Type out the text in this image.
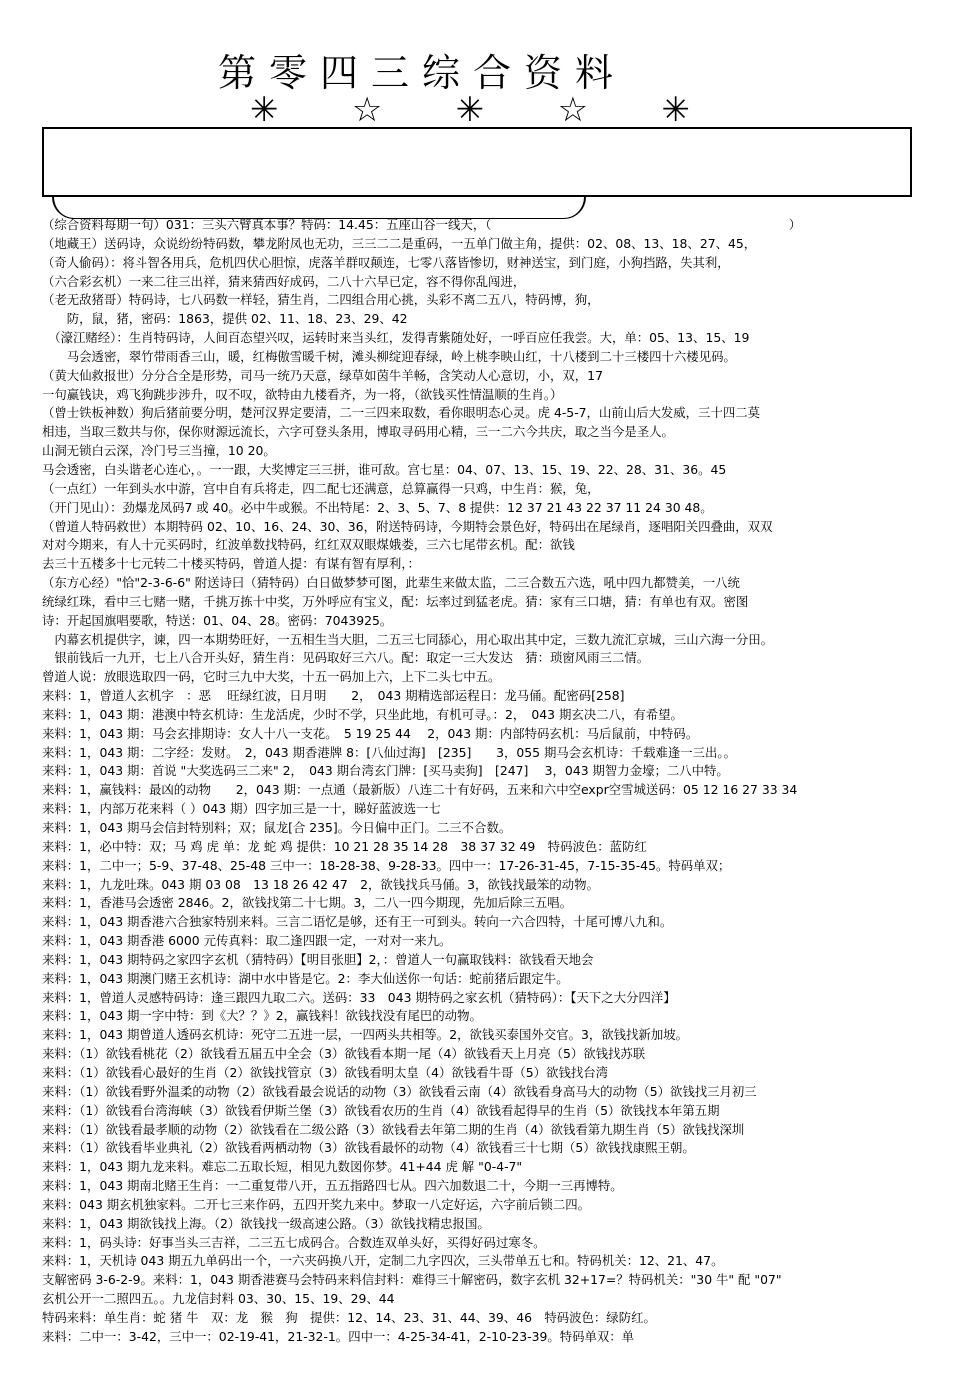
第零四三综合资料
✳ ☆ ✳ ☆ ✳
（综合资料每期一句）031：三头六臂真本事？特码：14.45：五座山谷一线天，（　　　　　　　　　　　　　　　　　　　　　　　　）
（地藏王）送码诗，众说纷纷特码数，攀龙附凤也无功，三三二二是重码，一五单门做主角，提供：02、08、13、18、27、45，
（奇人偷码）：将斗智各用兵，危机四伏心胆惊，虎落羊群叹颠连，七零八落皆惨切，财神送宝，到门庭，小狗挡路，失其利，
（六合彩玄机）一来二往三出祥，猜来猜西好成码，二八十六早已定，容不得你乱闯进，
（老无敌猪哥）特码诗，七八码数一样轻，猜生肖，二四组合用心挑，头彩不离二五八，特码博，狗，
　　防，鼠，猪，密码：1863，提供 02、11、18、23、29、42
　（濠江赌经）：生肖特码诗，人间百态望兴叹，运转时来当头红，发得青紫随处好，一呼百应任我尝。大，单：05、13、15、19
　　马会透密，翠竹带雨香三山，暖，红梅傲雪暖千树，滩头柳绽迎春绿，岭上桃李映山红，十八楼到二十三楼四十六楼见码。
（黄大仙救报世）分分合全是形势，司马一统乃天意，绿草如茵牛羊畅，含笑动人心意切，小，双，17
一句赢钱诀，鸡飞狗跳步涉升，叹不叹，欲特由九楼看齐，为一将，（欲钱买性情温顺的生肖。）
（曾士铁板神数）狗后猪前要分明，楚河汉界定要清，二一三四来取数，看你眼明态心灵。虎 4-5-7，山前山后大发威，三十四二莫
相违，当取三数共与你，保你财源远流长，六字可登头条用，博取寻码用心精，三一二六今共庆，取之当今是圣人。
山洞无锁白云深，冷门号三当撞，10 20。
马会透密，白头谐老心连心，。一一跟，大奖博定三三拼，谁可敌。宫七星：04、07、13、15、19、22、28、31、36。45
（一点红）一年到头水中游，宫中自有兵将走，四二配七还满意，总算赢得一只鸡，中生肖：猴，兔，
（开门见山）：劲爆龙凤码7 或 40。必中牛或猴。不出特尾：2、3、5、7、8 提供：12 37 21 43 22 37 11 24 30 48。
（曾道人特码救世）本期特码 02、10、16、24、30、36，附送特码诗，今期特会景色好，特码出在尾绿肖，逐唱阳关四叠曲，双双
对对今期来，有人十元买码时，红波单数找特码，红红双双眼煤娥娄，三六七尾带玄机。配：欲钱
去三十五楼多十七元转二十楼买特码，曾道人提：有谋有智有厚利，：
（东方心经）"恰"2-3-6-6" 附送诗曰（猜特码）白日做梦梦可图，此辈生来做太监，二三合数五六选，吼中四九都赞美，一八统
统绿红珠，看中三七赌一赌，千挑万拣十中奖，万外呼应有宝义，配：坛率过到猛老虎。猜：家有三口塘，猜：有单也有双。密图
诗：开起国旗唱要歌，特送：01、04、28。密码：7043925。
　内幕玄机提供字，谏，四一本期势旺好，一五相生当大胆，二五三七同舔心，用心取出其中定，三数九流汇京城，三山六海一分田。
　银前钱后一九开，七上八合开头好，猜生肖：见码取好三六八。配：取定一三大发达　猜：琐窗风雨三二情。
曾道人说：放眼选取四一码，它时三九中大奖，十五一码加上六，上下二头七中五。
来料：1，曾道人玄机字　：恶　 旺绿红波，日月明　　2，　043 期精选部运程日：龙马俑。配密码[258]
来料：1，043 期：港澳中特玄机诗：生龙活虎，少时不学，只坐此地，有机可寻。：2，　043 期玄决二八，有希望。
来料：1，043 期：马会玄排期诗：女人十八一支花。　5 19 25 44　 2，043 期：内部特码玄机：马后鼠前，中特码。
来料：1，043 期：二字经：发财。　2，043 期香港牌 8：[八仙过海]　[235]　　3，055 期马会玄机诗：千载难逢一三出。。
来料：1，043 期：首说 "大奖选码三二来" 2，　043 期台湾玄门牌：[买马卖狗]　[247]　 3，043 期智力金壕；二八中特。
来料：1，赢钱料：最凶的动物　　2，043 期：一点通（最新版）八连二十有好码，五来和六中空expr空雪城送码：05 12 16 27 33 34
来料：1，内部万花来料（ ）043 期）四字加三是一十，睇好蓝波选一七
来料：1，043 期马会信封特别料；双；鼠龙[合 235]。今日偏中正门。二三不合数。
来料：1，必中特：双；马 鸡 虎 单：龙 蛇 鸡 提供：10 21 28 35 14 28　38 37 32 49　特码波色：蓝防红
来料：1，二中一；5-9、37-48、25-48 三中一：18-28-38、9-28-33。四中一：17-26-31-45，7-15-35-45。特码单双；
来料：1，九龙吐珠。043 期 03 08　13 18 26 42 47　2，欲钱找兵马俑。3，欲钱找最笨的动物。
来料：1，香港马会透密 2846。2，欲钱找第二十七期。3，二八一四今期现，先加后除三五唱。
来料：1，043 期香港六合独家特别来料。三言二语忆是够，还有王一可到头。转向一六合四特，十尾可博八九和。
来料：1，043 期香港 6000 元传真料：取二逢四跟一定，一对对一来九。
来料：1，043 期特码之家四字玄机（猜特码）【明目张胆】2，：曾道人一句赢取钱料：欲钱看天地会
来料：1，043 期澳门赌王玄机诗：湖中水中皆是它。2：李大仙送你一句话：蛇前猪后跟定牛。
来料：1，曾道人灵感特码诗：逢三跟四九取二六。送码：33　043 期特码之家玄机（猜特码）：【天下之大分四洋】
来料：1，043 期一字中特：到《大？？》2，赢钱料！欲钱找没有尾巴的动物。
来料：1，043 期曾道人透码玄机诗：死守二五进一层，一四两头共相等。2，欲钱买泰国外交官。3，欲钱找新加坡。
来料：（1）欲钱看桃花（2）欲钱看五届五中全会（3）欲钱看本期一尾（4）欲钱看天上月亮（5）欲钱找苏联
来料：（1）欲钱看心最好的生肖（2）欲钱找管京（3）欲钱看明太皇（4）欲钱看牛哥（5）欲钱找台湾
来料：（1）欲钱看野外温柔的动物（2）欲钱看最会说话的动物（3）欲钱看云南（4）欲钱看身高马大的动物（5）欲钱找三月初三
来料：（1）欲钱看台湾海峡（3）欲钱看伊斯兰堡（3）欲钱看农历的生肖（4）欲钱看起得早的生肖（5）欲钱找本年第五期
来料：（1）欲钱看最孝顺的动物（2）欲钱看在二级公路（3）欲钱看去年第二期的生肖（4）欲钱看第九期生肖（5）欲钱找深圳
来料：（1）欲钱看毕业典礼（2）欲钱看两栖动物（3）欲钱看最怀的动物（4）欲钱看三十七期（5）欲钱找康熙王朝。
来料：1，043 期九龙来料。难忘二五取长短，相见九数図你梦。41+44 虎 解 "0-4-7"
来料：1，043 期南北赌王生肖：一二重复带八开，五五指路四七从。四六加数退二十，今期一三再博特。
来料：043 期玄机独家料。二开七三来作码，五四开奖九来中。梦取一八定好运，六字前后锁二四。
来料：1，043 期欲钱找上海。（2）欲钱找一级高速公路。（3）欲钱找精忠报国。
来料：1，码头诗：好事当头三吉祥，二三五七成码合。合数连双单头好，买得好码过寒冬。
来料：1，天机诗 043 期五九单码出一个，一六夹码换八开，定制二九字四次，三头带单五七和。特码机关：12、21、47。
支解密码 3-6-2-9。来料：1，043 期香港赛马会特码来料信封料：难得三十解密码，数字玄机 32+17=？特码机关："30 牛" 配 "07"
玄机公开一二照四五。。九龙信封料 03、30、15、19、29、44
特码来料：单生肖：蛇 猪 牛　双：龙　猴　狗　提供：12、14、23、31、44、39、46　特码波色：绿防红。
来料：二中一：3-42，三中一：02-19-41，21-32-1。四中一：4-25-34-41，2-10-23-39。特码单双：单
